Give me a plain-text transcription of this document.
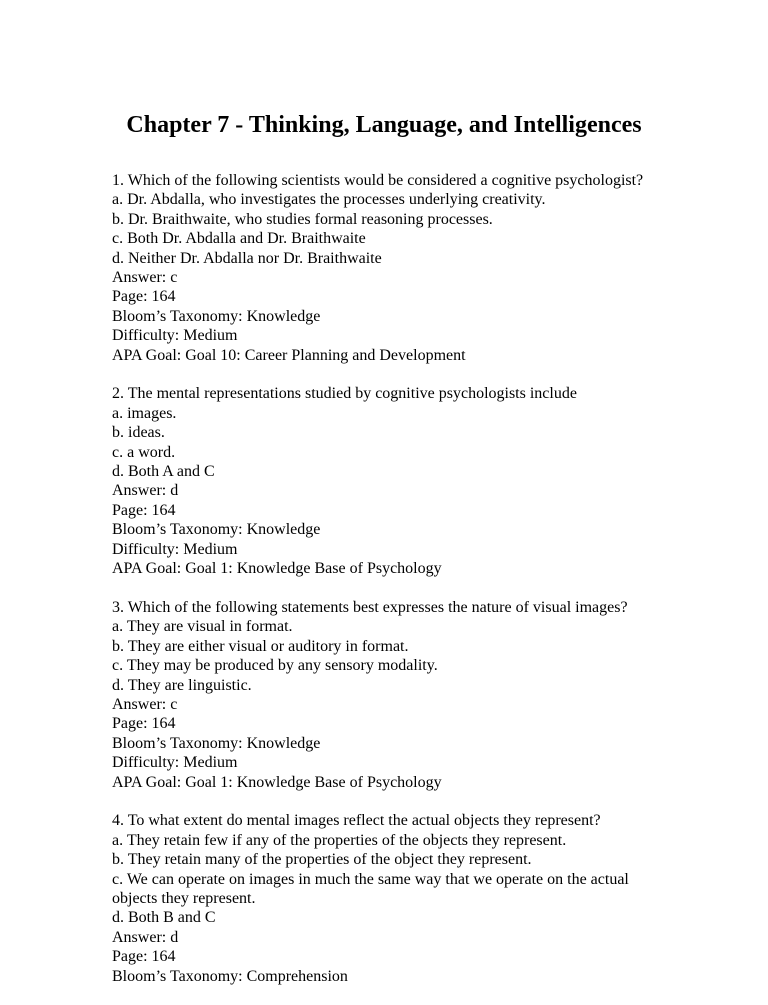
Chapter 7 - Thinking, Language, and Intelligences

1. Which of the following scientists would be considered a cognitive psychologist?

a. Dr. Abdalla, who investigates the processes underlying creativity.

b. Dr. Braithwaite, who studies formal reasoning processes.

c. Both Dr. Abdalla and Dr. Braithwaite

d. Neither Dr. Abdalla nor Dr. Braithwaite

Answer: c

Page: 164

Bloom’s Taxonomy: Knowledge

Difficulty: Medium

APA Goal: Goal 10: Career Planning and Development

2. The mental representations studied by cognitive psychologists include

a. images.

b. ideas.

c. a word.

d. Both A and C

Answer: d

Page: 164

Bloom’s Taxonomy: Knowledge

Difficulty: Medium

APA Goal: Goal 1: Knowledge Base of Psychology

3. Which of the following statements best expresses the nature of visual images?

a. They are visual in format.

b. They are either visual or auditory in format.

c. They may be produced by any sensory modality.

d. They are linguistic.

Answer: c

Page: 164

Bloom’s Taxonomy: Knowledge

Difficulty: Medium

APA Goal: Goal 1: Knowledge Base of Psychology

4. To what extent do mental images reflect the actual objects they represent?

a. They retain few if any of the properties of the objects they represent.

b. They retain many of the properties of the object they represent.

c. We can operate on images in much the same way that we operate on the actual objects they represent.

d. Both B and C

Answer: d

Page: 164

Bloom’s Taxonomy: Comprehension
